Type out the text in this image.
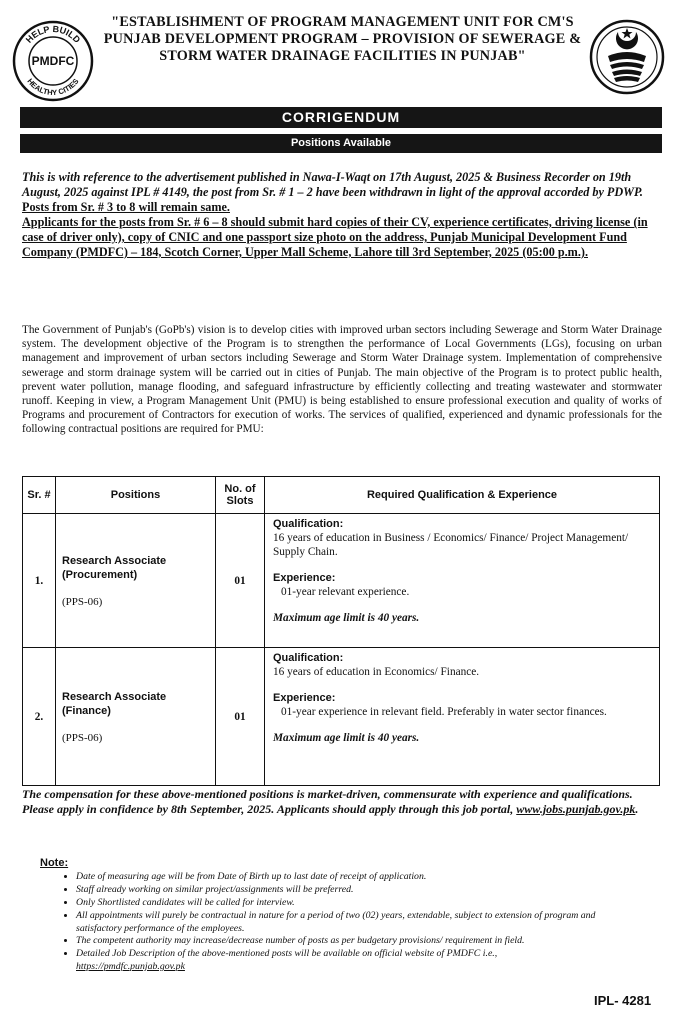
HELP BUILD
HEALTHY CITIES
PMDFC
"ESTABLISHMENT OF PROGRAM MANAGEMENT UNIT FOR CM'S PUNJAB DEVELOPMENT PROGRAM – PROVISION OF SEWERAGE & STORM WATER DRAINAGE FACILITIES IN PUNJAB"
CORRIGENDUM
Positions Available

This is with reference to the advertisement published in Nawa-I-Waqt on 17th August, 2025 & Business Recorder on 19th August, 2025 against IPL # 4149, the post from Sr. # 1 – 2 have been withdrawn in light of the approval accorded by PDWP.

Posts from Sr. # 3 to 8 will remain same.

Applicants for the posts from Sr. # 6 – 8 should submit hard copies of their CV, experience certificates, driving license (in case of driver only), copy of CNIC and one passport size photo on the address, Punjab Municipal Development Fund Company (PMDFC) – 184, Scotch Corner, Upper Mall Scheme, Lahore till 3rd September, 2025 (05:00 p.m.).

The Government of Punjab's (GoPb's) vision is to develop cities with improved urban sectors including Sewerage and Storm Water Drainage system. The development objective of the Program is to strengthen the performance of Local Governments (LGs), focusing on urban management and improvement of urban sectors including Sewerage and Storm Water Drainage system. Implementation of comprehensive sewerage and storm drainage system will be carried out in cities of Punjab. The main objective of the Program is to protect public health, prevent water pollution, manage flooding, and safeguard infrastructure by efficiently collecting and treating wastewater and stormwater runoff. Keeping in view, a Program Management Unit (PMU) is being established to ensure professional execution and quality of works of Programs and procurement of Contractors for execution of works. The services of qualified, experienced and dynamic professionals for the following contractual positions are required for PMU:
Sr. #	Positions	No. of Slots	Required Qualification & Experience
1.	Research Associate (Procurement)
(PPS-06)	01	Qualification:
16 years of education in Business / Economics/ Finance/ Project Management/ Supply Chain.
Experience:
01-year relevant experience.
Maximum age limit is 40 years.

2.	Research Associate (Finance)
(PPS-06)	01	Qualification:
16 years of education in Economics/ Finance.
Experience:
01-year experience in relevant field. Preferably in water sector finances.
Maximum age limit is 40 years.
The compensation for these above-mentioned positions is market-driven, commensurate with experience and qualifications. Please apply in confidence by 8th September, 2025. Applicants should apply through this job portal, www.jobs.punjab.gov.pk.
Note:
• Date of measuring age will be from Date of Birth up to last date of receipt of application.
• Staff already working on similar project/assignments will be preferred.
• Only Shortlisted candidates will be called for interview.
• All appointments will purely be contractual in nature for a period of two (02) years, extendable, subject to extension of program and satisfactory performance of the employees.
• The competent authority may increase/decrease number of posts as per budgetary provisions/ requirement in field.
• Detailed Job Description of the above-mentioned posts will be available on official website of PMDFC i.e.,
https://pmdfc.punjab.gov.pk
IPL- 4281
